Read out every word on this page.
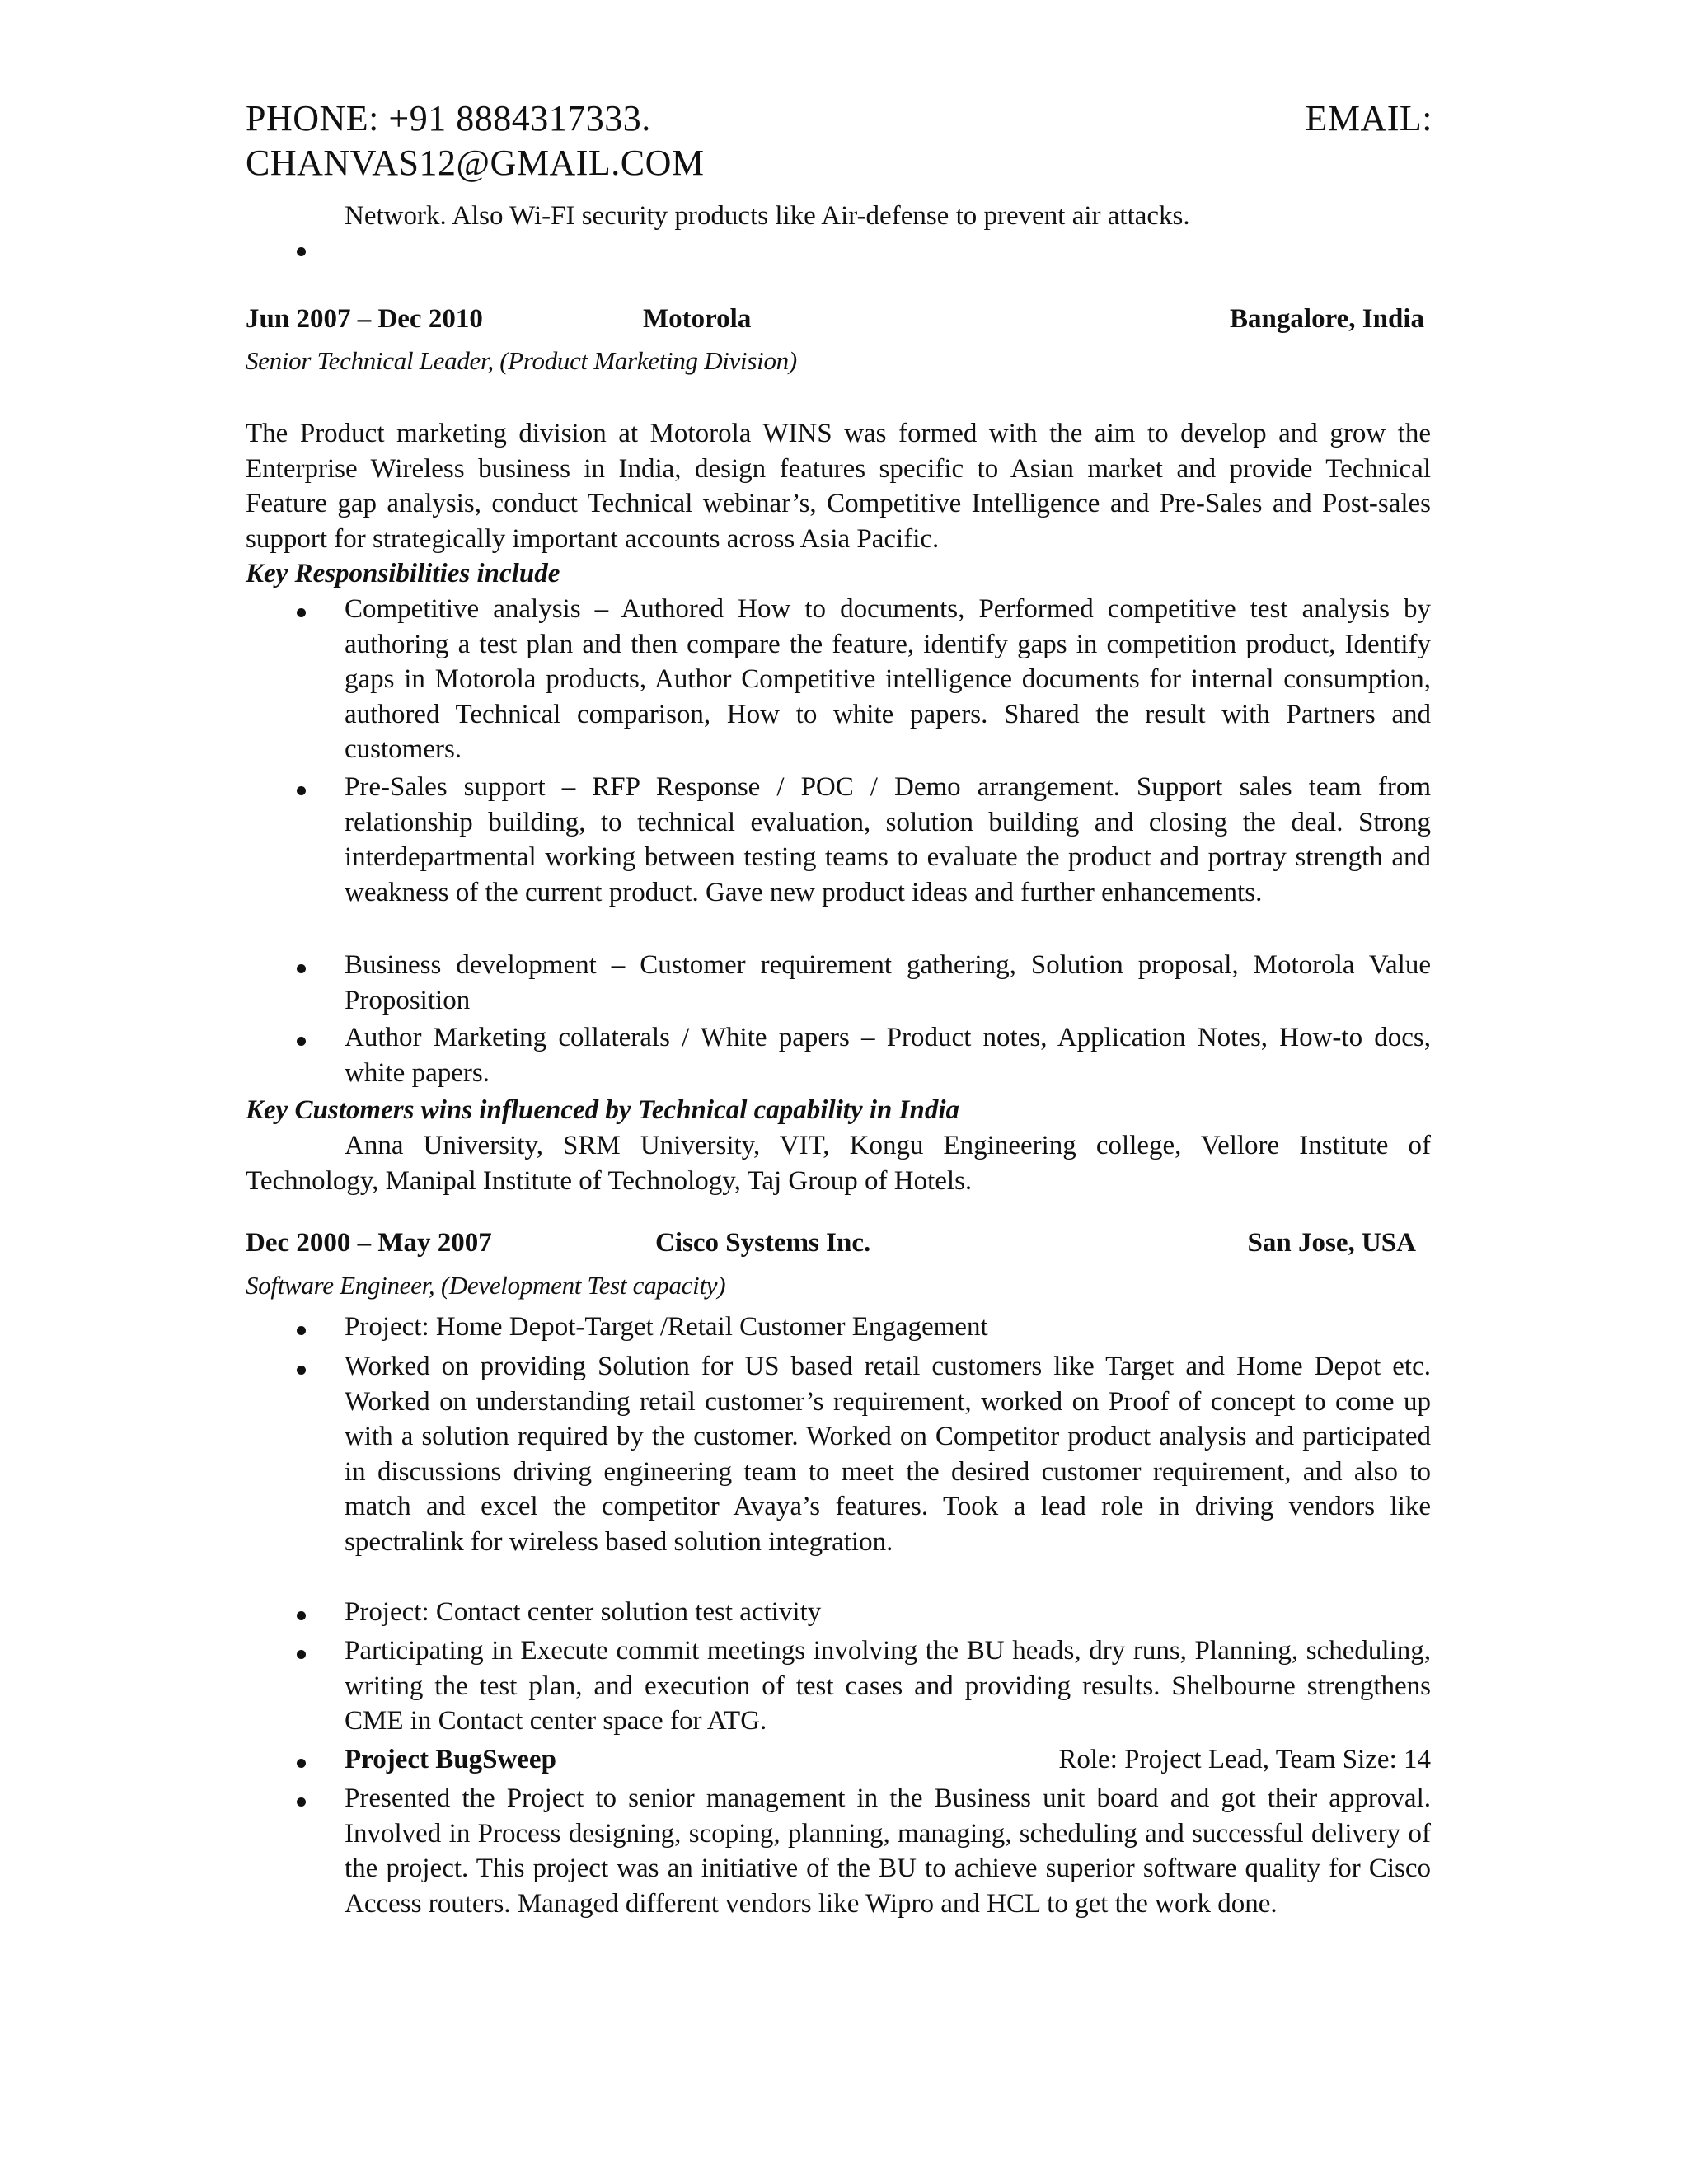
PHONE: +91 8884317333.	EMAIL:
CHANVAS12@GMAIL.COM
Network. Also Wi-FI security products like Air-defense to prevent air attacks.
Jun 2007 – Dec 2010	Motorola	Bangalore, India
Senior Technical Leader, (Product Marketing Division)
The Product marketing division at Motorola WINS was formed with the aim to develop and grow the Enterprise Wireless business in India, design features specific to Asian market and provide Technical Feature gap analysis, conduct Technical webinar’s, Competitive Intelligence and Pre-Sales and Post-sales support for strategically important accounts across Asia Pacific.
Key Responsibilities include
Competitive analysis – Authored How to documents, Performed competitive test analysis by authoring a test plan and then compare the feature, identify gaps in competition product, Identify gaps in Motorola products, Author Competitive intelligence documents for internal consumption, authored Technical comparison, How to white papers. Shared the result with Partners and customers.
Pre-Sales support – RFP Response / POC / Demo arrangement. Support sales team from relationship building, to technical evaluation, solution building and closing the deal. Strong interdepartmental working between testing teams to evaluate the product and portray strength and weakness of the current product. Gave new product ideas and further enhancements.
Business development – Customer requirement gathering, Solution proposal, Motorola Value Proposition
Author Marketing collaterals / White papers – Product notes, Application Notes, How-to docs, white papers.
Key Customers wins influenced by Technical capability in India
Anna University, SRM University, VIT, Kongu Engineering college, Vellore Institute of Technology, Manipal Institute of Technology, Taj Group of Hotels.
Dec 2000 – May 2007	Cisco Systems Inc.	San Jose, USA
Software Engineer, (Development Test capacity)
Project: Home Depot-Target /Retail Customer Engagement
Worked on providing Solution for US based retail customers like Target and Home Depot etc. Worked on understanding retail customer’s requirement, worked on Proof of concept to come up with a solution required by the customer. Worked on Competitor product analysis and participated in discussions driving engineering team to meet the desired customer requirement, and also to match and excel the competitor Avaya’s features. Took a lead role in driving vendors like spectralink for wireless based solution integration.
Project: Contact center solution test activity
Participating in Execute commit meetings involving the BU heads, dry runs, Planning, scheduling, writing the test plan, and execution of test cases and providing results. Shelbourne strengthens CME in Contact center space for ATG.
Project BugSweep	Role: Project Lead, Team Size: 14
Presented the Project to senior management in the Business unit board and got their approval. Involved in Process designing, scoping, planning, managing, scheduling and successful delivery of the project. This project was an initiative of the BU to achieve superior software quality for Cisco Access routers. Managed different vendors like Wipro and HCL to get the work done.
